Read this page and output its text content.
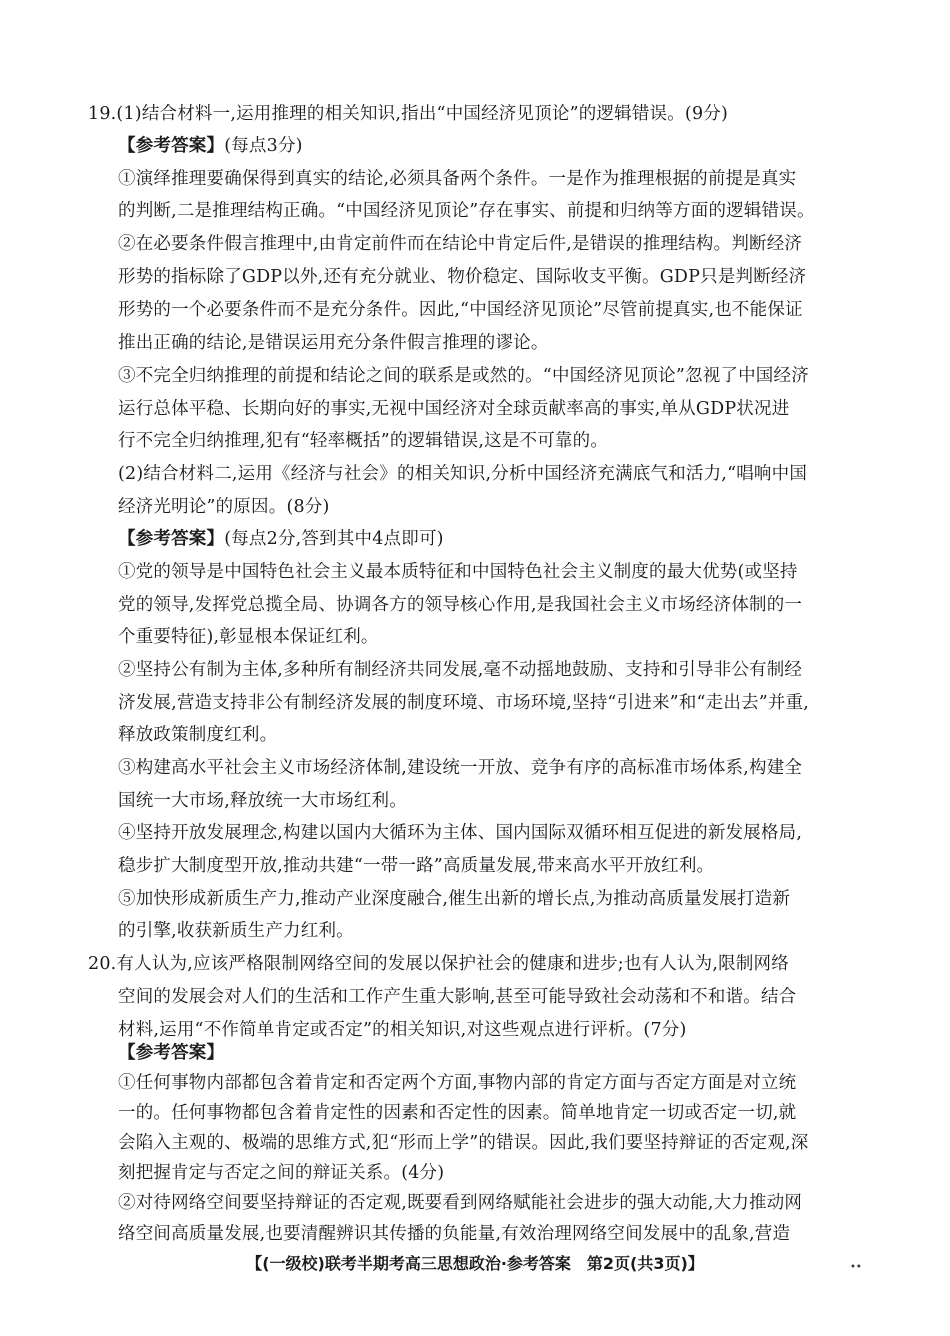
19.(1)结合材料一,运用推理的相关知识,指出“中国经济见顶论”的逻辑错误。(9分)
【参考答案】(每点3分)
①演绎推理要确保得到真实的结论,必须具备两个条件。一是作为推理根据的前提是真实
的判断,二是推理结构正确。“中国经济见顶论”存在事实、前提和归纳等方面的逻辑错误。
②在必要条件假言推理中,由肯定前件而在结论中肯定后件,是错误的推理结构。判断经济
形势的指标除了GDP以外,还有充分就业、物价稳定、国际收支平衡。GDP只是判断经济
形势的一个必要条件而不是充分条件。因此,“中国经济见顶论”尽管前提真实,也不能保证
推出正确的结论,是错误运用充分条件假言推理的谬论。
③不完全归纳推理的前提和结论之间的联系是或然的。“中国经济见顶论”忽视了中国经济
运行总体平稳、长期向好的事实,无视中国经济对全球贡献率高的事实,单从GDP状况进
行不完全归纳推理,犯有“轻率概括”的逻辑错误,这是不可靠的。
(2)结合材料二,运用《经济与社会》的相关知识,分析中国经济充满底气和活力,“唱响中国
经济光明论”的原因。(8分)
【参考答案】(每点2分,答到其中4点即可)
①党的领导是中国特色社会主义最本质特征和中国特色社会主义制度的最大优势(或坚持
党的领导,发挥党总揽全局、协调各方的领导核心作用,是我国社会主义市场经济体制的一
个重要特征),彰显根本保证红利。
②坚持公有制为主体,多种所有制经济共同发展,毫不动摇地鼓励、支持和引导非公有制经
济发展,营造支持非公有制经济发展的制度环境、市场环境,坚持“引进来”和“走出去”并重,
释放政策制度红利。
③构建高水平社会主义市场经济体制,建设统一开放、竞争有序的高标准市场体系,构建全
国统一大市场,释放统一大市场红利。
④坚持开放发展理念,构建以国内大循环为主体、国内国际双循环相互促进的新发展格局,
稳步扩大制度型开放,推动共建“一带一路”高质量发展,带来高水平开放红利。
⑤加快形成新质生产力,推动产业深度融合,催生出新的增长点,为推动高质量发展打造新
的引擎,收获新质生产力红利。
20.有人认为,应该严格限制网络空间的发展以保护社会的健康和进步;也有人认为,限制网络
空间的发展会对人们的生活和工作产生重大影响,甚至可能导致社会动荡和不和谐。结合
材料,运用“不作简单肯定或否定”的相关知识,对这些观点进行评析。(7分)
【参考答案】
①任何事物内部都包含着肯定和否定两个方面,事物内部的肯定方面与否定方面是对立统
一的。任何事物都包含着肯定性的因素和否定性的因素。简单地肯定一切或否定一切,就
会陷入主观的、极端的思维方式,犯“形而上学”的错误。因此,我们要坚持辩证的否定观,深
刻把握肯定与否定之间的辩证关系。(4分)
②对待网络空间要坚持辩证的否定观,既要看到网络赋能社会进步的强大动能,大力推动网
【(一级校)联考半期考高三思想政治·参考答案　第2页(共3页)】	••
络空间高质量发展,也要清醒辨识其传播的负能量,有效治理网络空间发展中的乱象,营造
